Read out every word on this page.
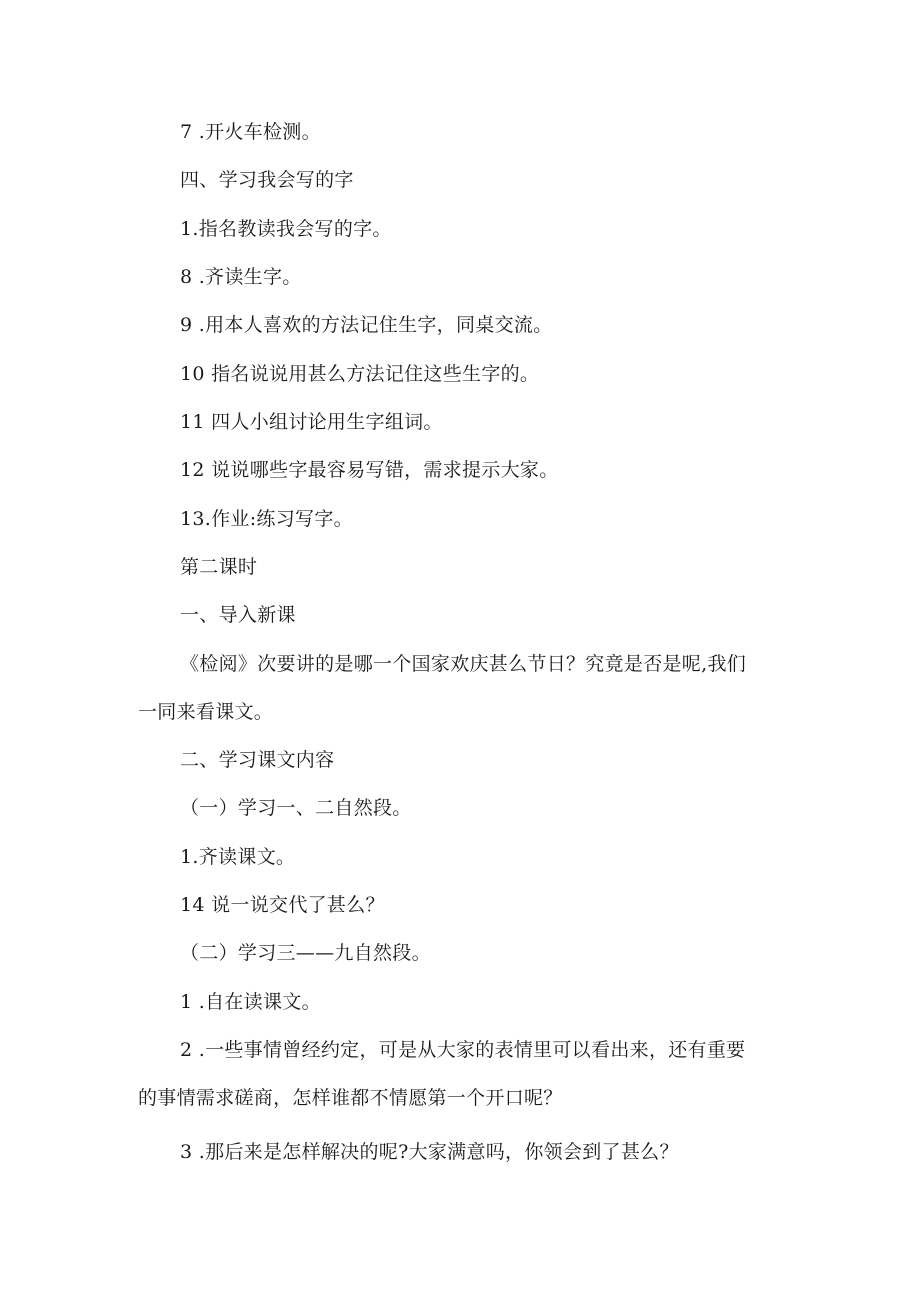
7 .开火车检测。
四、学习我会写的字
1.指名教读我会写的字。
8 .齐读生字。
9 .用本人喜欢的方法记住生字，同桌交流。
10 指名说说用甚么方法记住这些生字的。
11 四人小组讨论用生字组词。
12 说说哪些字最容易写错，需求提示大家。
13.作业:练习写字。
第二课时
一、导入新课
《检阅》次要讲的是哪一个国家欢庆甚么节日？究竟是否是呢,我们
一同来看课文。
二、学习课文内容
（一）学习一、二自然段。
1.齐读课文。
14 说一说交代了甚么？
（二）学习三——九自然段。
1 .自在读课文。
2 .一些事情曾经约定，可是从大家的表情里可以看出来，还有重要
的事情需求磋商，怎样谁都不情愿第一个开口呢？
3 .那后来是怎样解决的呢?大家满意吗，你领会到了甚么？
